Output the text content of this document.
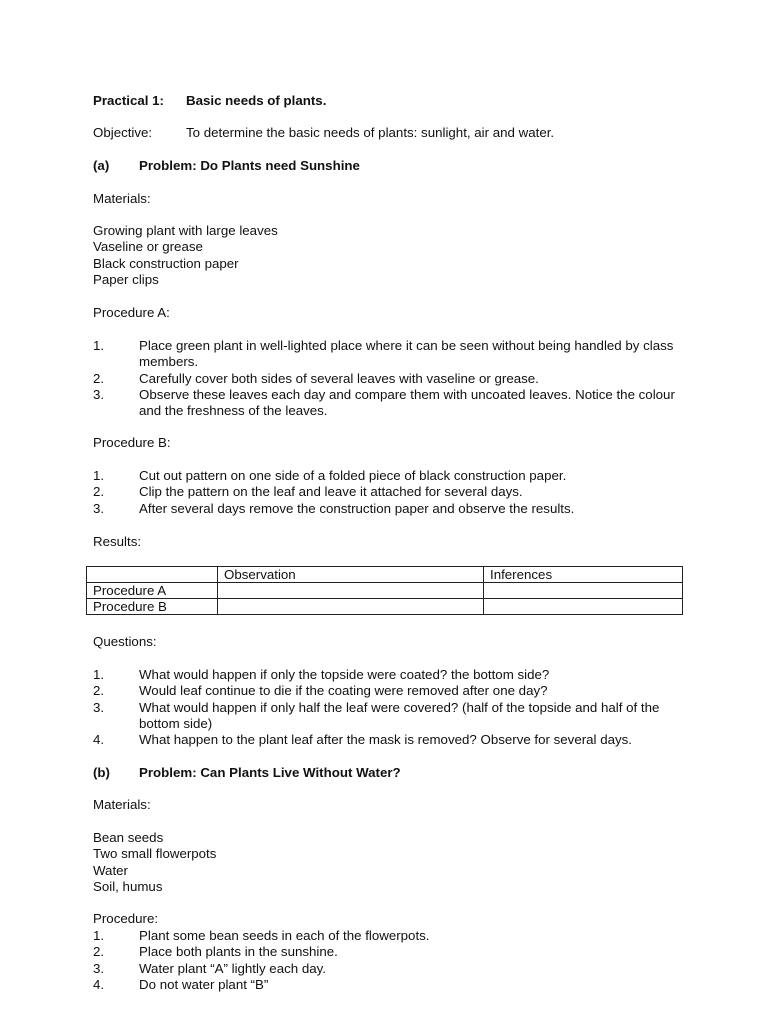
Practical 1: Basic needs of plants.
Objective:	To determine the basic needs of plants: sunlight, air and water.
(a) Problem: Do Plants need Sunshine
Materials:
Growing plant with large leaves
Vaseline or grease
Black construction paper
Paper clips
Procedure A:
1.	Place green plant in well-lighted place where it can be seen without being handled by class members.
2.	Carefully cover both sides of several leaves with vaseline or grease.
3.	Observe these leaves each day and compare them with uncoated leaves. Notice the colour and the freshness of the leaves.
Procedure B:
1.	Cut out pattern on one side of a folded piece of black construction paper.
2.	Clip the pattern on the leaf and leave it attached for several days.
3.	After several days remove the construction paper and observe the results.
Results:
	Observation	Inferences
Procedure A		
Procedure B		
Questions:
1.	What would happen if only the topside were coated? the bottom side?
2.	Would leaf continue to die if the coating were removed after one day?
3.	What would happen if only half the leaf were covered? (half of the topside and half of the bottom side)
4.	What happen to the plant leaf after the mask is removed? Observe for several days.
(b) Problem: Can Plants Live Without Water?
Materials:
Bean seeds
Two small flowerpots
Water
Soil, humus
Procedure:
1.	Plant some bean seeds in each of the flowerpots.
2.	Place both plants in the sunshine.
3.	Water plant “A” lightly each day.
4.	Do not water plant “B”
